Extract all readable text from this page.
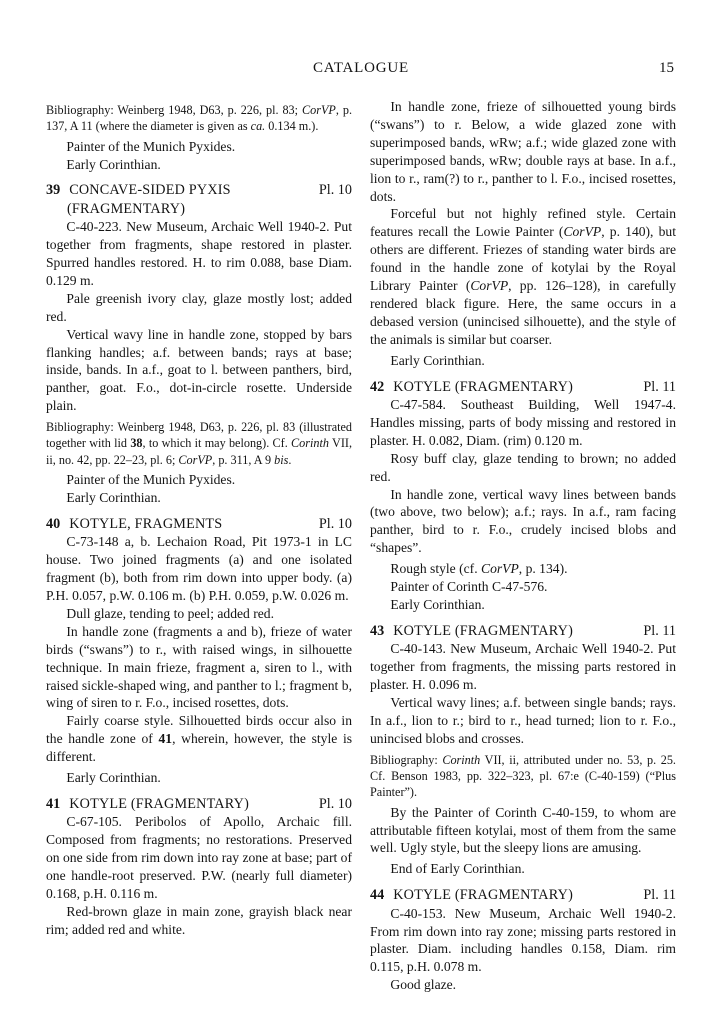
CATALOGUE	15

Bibliography: Weinberg 1948, D63, p. 226, pl. 83; CorVP, p. 137, A 11 (where the diameter is given as ca. 0.134 m.).

Painter of the Munich Pyxides.
Early Corinthian.
39 CONCAVE-SIDED PYXIS	Pl. 10
(FRAGMENTARY)

C-40-223. New Museum, Archaic Well 1940-2. Put together from fragments, shape restored in plaster. Spurred handles restored. H. to rim 0.088, base Diam. 0.129 m.

Pale greenish ivory clay, glaze mostly lost; added red.

Vertical wavy line in handle zone, stopped by bars flanking handles; a.f. between bands; rays at base; inside, bands. In a.f., goat to l. between panthers, bird, panther, goat. F.o., dot-in-circle rosette. Underside plain.

Bibliography: Weinberg 1948, D63, p. 226, pl. 83 (illustrated together with lid 38, to which it may belong). Cf. Corinth VII, ii, no. 42, pp. 22–23, pl. 6; CorVP, p. 311, A 9 bis.

Painter of the Munich Pyxides.
Early Corinthian.
40 KOTYLE, FRAGMENTS	Pl. 10

C-73-148 a, b. Lechaion Road, Pit 1973-1 in LC house. Two joined fragments (a) and one isolated fragment (b), both from rim down into upper body. (a) P.H. 0.057, p.W. 0.106 m. (b) P.H. 0.059, p.W. 0.026 m.

Dull glaze, tending to peel; added red.

In handle zone (fragments a and b), frieze of water birds (“swans”) to r., with raised wings, in silhouette technique. In main frieze, fragment a, siren to l., with raised sickle-shaped wing, and panther to l.; fragment b, wing of siren to r. F.o., incised rosettes, dots.

Fairly coarse style. Silhouetted birds occur also in the handle zone of 41, wherein, however, the style is different.

Early Corinthian.
41 KOTYLE (FRAGMENTARY)	Pl. 10

C-67-105. Peribolos of Apollo, Archaic fill. Composed from fragments; no restorations. Preserved on one side from rim down into ray zone at base; part of one handle-root preserved. P.W. (nearly full diameter) 0.168, p.H. 0.116 m.

Red-brown glaze in main zone, grayish black near rim; added red and white.

In handle zone, frieze of silhouetted young birds (“swans”) to r. Below, a wide glazed zone with superimposed bands, wRw; a.f.; wide glazed zone with superimposed bands, wRw; double rays at base. In a.f., lion to r., ram(?) to r., panther to l. F.o., incised rosettes, dots.

Forceful but not highly refined style. Certain features recall the Lowie Painter (CorVP, p. 140), but others are different. Friezes of standing water birds are found in the handle zone of kotylai by the Royal Library Painter (CorVP, pp. 126–128), in carefully rendered black figure. Here, the same occurs in a debased version (unincised silhouette), and the style of the animals is similar but coarser.

Early Corinthian.
42 KOTYLE (FRAGMENTARY)	Pl. 11

C-47-584. Southeast Building, Well 1947-4. Handles missing, parts of body missing and restored in plaster. H. 0.082, Diam. (rim) 0.120 m.

Rosy buff clay, glaze tending to brown; no added red.

In handle zone, vertical wavy lines between bands (two above, two below); a.f.; rays. In a.f., ram facing panther, bird to r. F.o., crudely incised blobs and “shapes”.

Rough style (cf. CorVP, p. 134).
Painter of Corinth C-47-576.
Early Corinthian.
43 KOTYLE (FRAGMENTARY)	Pl. 11

C-40-143. New Museum, Archaic Well 1940-2. Put together from fragments, the missing parts restored in plaster. H. 0.096 m.

Vertical wavy lines; a.f. between single bands; rays. In a.f., lion to r.; bird to r., head turned; lion to r. F.o., unincised blobs and crosses.

Bibliography: Corinth VII, ii, attributed under no. 53, p. 25. Cf. Benson 1983, pp. 322–323, pl. 67:e (C-40-159) (“Plus Painter”).

By the Painter of Corinth C-40-159, to whom are attributable fifteen kotylai, most of them from the same well. Ugly style, but the sleepy lions are amusing.

End of Early Corinthian.
44 KOTYLE (FRAGMENTARY)	Pl. 11

C-40-153. New Museum, Archaic Well 1940-2. From rim down into ray zone; missing parts restored in plaster. Diam. including handles 0.158, Diam. rim 0.115, p.H. 0.078 m.

Good glaze.
